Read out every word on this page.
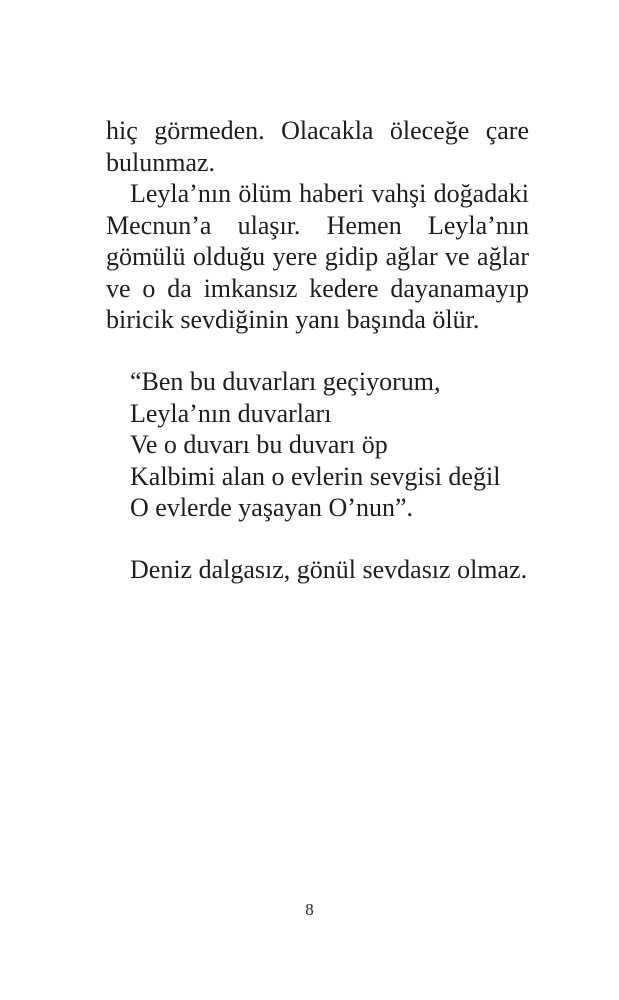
hiç görmeden. Olacakla öleceğe çare
bulunmaz.
Leyla’nın ölüm haberi vahşi doğadaki
Mecnun’a ulaşır. Hemen Leyla’nın
gömülü olduğu yere gidip ağlar ve ağlar
ve o da imkansız kedere dayanamayıp
biricik sevdiğinin yanı başında ölür.
“Ben bu duvarları geçiyorum,
Leyla’nın duvarları
Ve o duvarı bu duvarı öp
Kalbimi alan o evlerin sevgisi değil
O evlerde yaşayan O’nun”.
Deniz dalgasız, gönül sevdasız olmaz.
8
